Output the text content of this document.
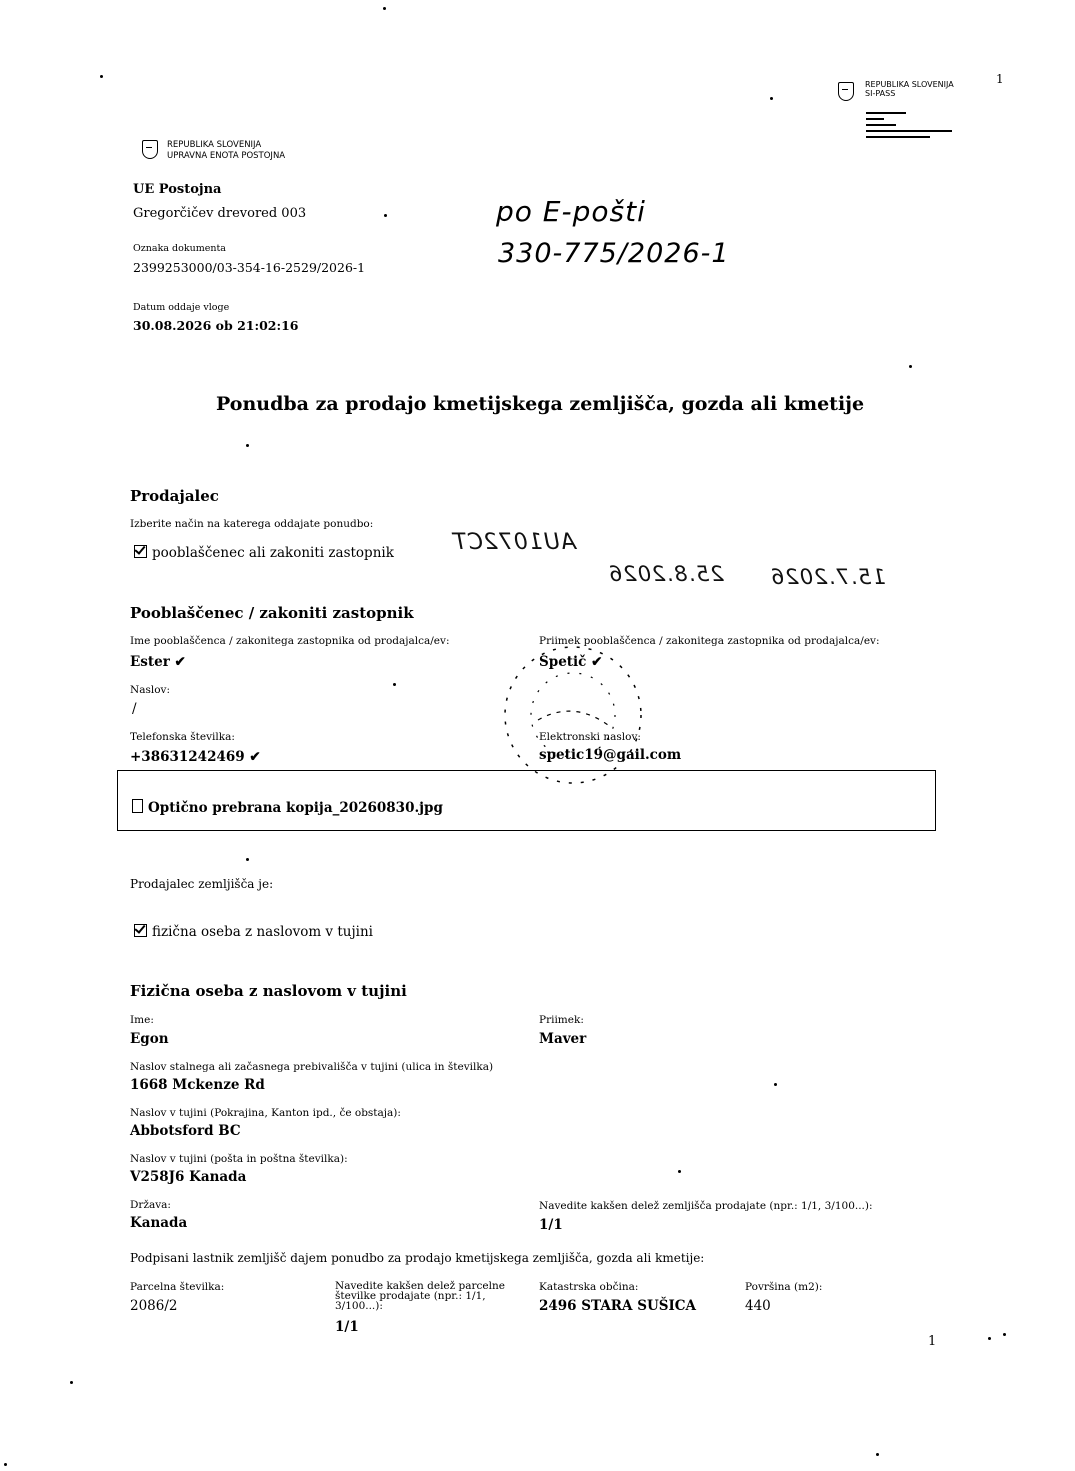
REPUBLIKA SLOVENIJA
SI-PASS
1
REPUBLIKA SLOVENIJA
UPRAVNA ENOTA POSTOJNA
UE Postojna
Gregorčičev drevored 003
Oznaka dokumenta
2399253000/03-354-16-2529/2026-1
Datum oddaje vloge
30.08.2026 ob 21:02:16
po E-pošti
330-775/2026-1
Ponudba za prodajo kmetijskega zemljišča, gozda ali kmetije
Prodajalec
Izberite način na katerega oddajate ponudbo:
pooblaščenec ali zakoniti zastopnik	AU1072CT
25.8.2026 15.7.2026
Pooblaščenec / zakoniti zastopnik
Ime pooblaščenca / zakonitega zastopnika od prodajalca/ev:
Ester ✔
Priimek pooblaščenca / zakonitega zastopnika od prodajalca/ev:
Spetič ✔
Naslov:
/
Telefonska številka:
+38631242469 ✔
Elektronski naslov:
spetic19@gail.com
Optično prebrana kopija_20260830.jpg
Prodajalec zemljišča je:
fizična oseba z naslovom v tujini
Fizična oseba z naslovom v tujini
Ime:
Egon
Priimek:
Maver
Naslov stalnega ali začasnega prebivališča v tujini (ulica in številka)
1668 Mckenze Rd
Naslov v tujini (Pokrajina, Kanton ipd., če obstaja):
Abbotsford BC
Naslov v tujini (pošta in poštna številka):
V258J6 Kanada
Država:
Kanada
Navedite kakšen delež zemljišča prodajate (npr.: 1/1, 3/100...):
1/1
Podpisani lastnik zemljišč dajem ponudbo za prodajo kmetijskega zemljišča, gozda ali kmetije:
Parcelna številka:
2086/2
Navedite kakšen delež parcelne
številke prodajate (npr.: 1/1,
3/100...):
1/1
Katastrska občina:
2496 STARA SUŠICA
Površina (m2):
440
1
